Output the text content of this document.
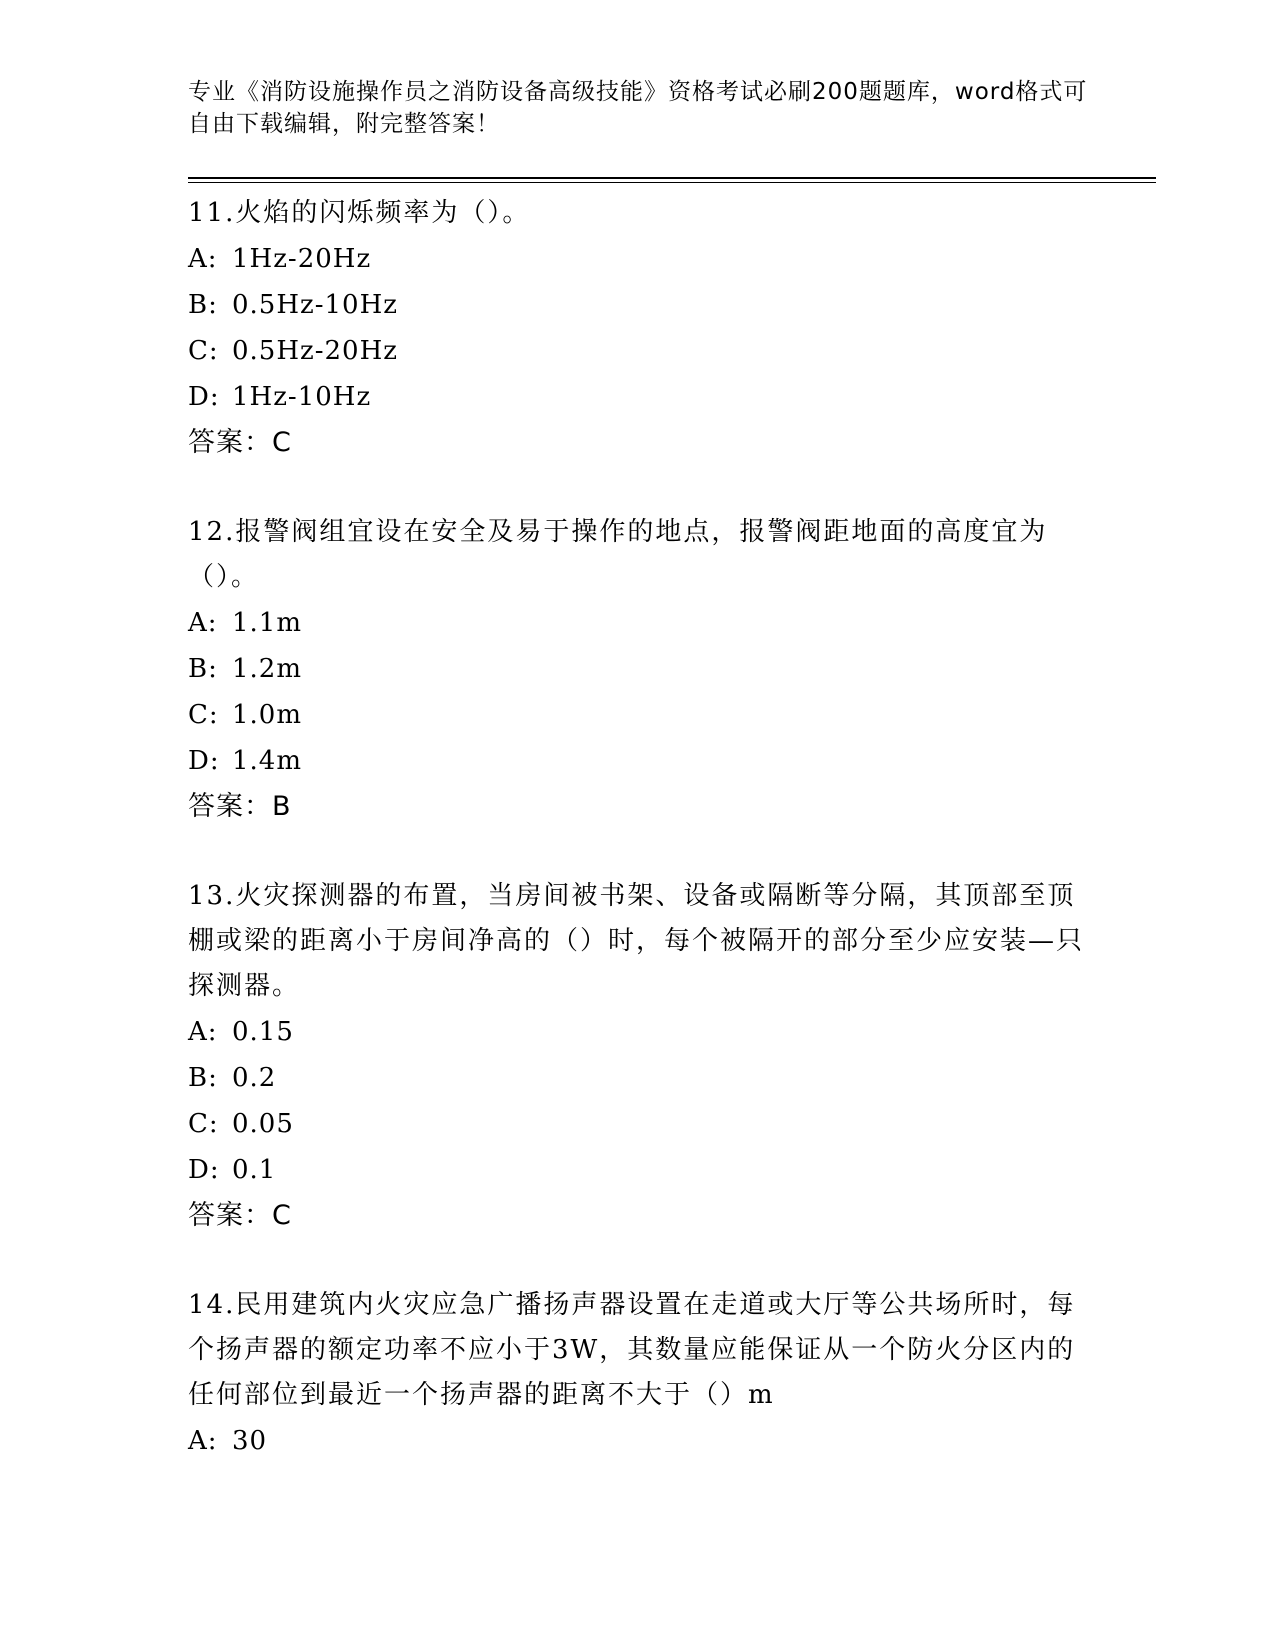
专业《消防设施操作员之消防设备高级技能》资格考试必刷200题题库，word格式可自由下载编辑，附完整答案！
11.火焰的闪烁频率为（）。
A: 1Hz-20Hz
B: 0.5Hz-10Hz
C: 0.5Hz-20Hz
D: 1Hz-10Hz
答案：C
12.报警阀组宜设在安全及易于操作的地点，报警阀距地面的高度宜为（）。
A: 1.1m
B: 1.2m
C: 1.0m
D: 1.4m
答案：B
13.火灾探测器的布置，当房间被书架、设备或隔断等分隔，其顶部至顶棚或梁的距离小于房间净高的（）时，每个被隔开的部分至少应安装—只探测器。
A: 0.15
B: 0.2
C: 0.05
D: 0.1
答案：C
14.民用建筑内火灾应急广播扬声器设置在走道或大厅等公共场所时，每个扬声器的额定功率不应小于3W，其数量应能保证从一个防火分区内的任何部位到最近一个扬声器的距离不大于（）m
A: 30
